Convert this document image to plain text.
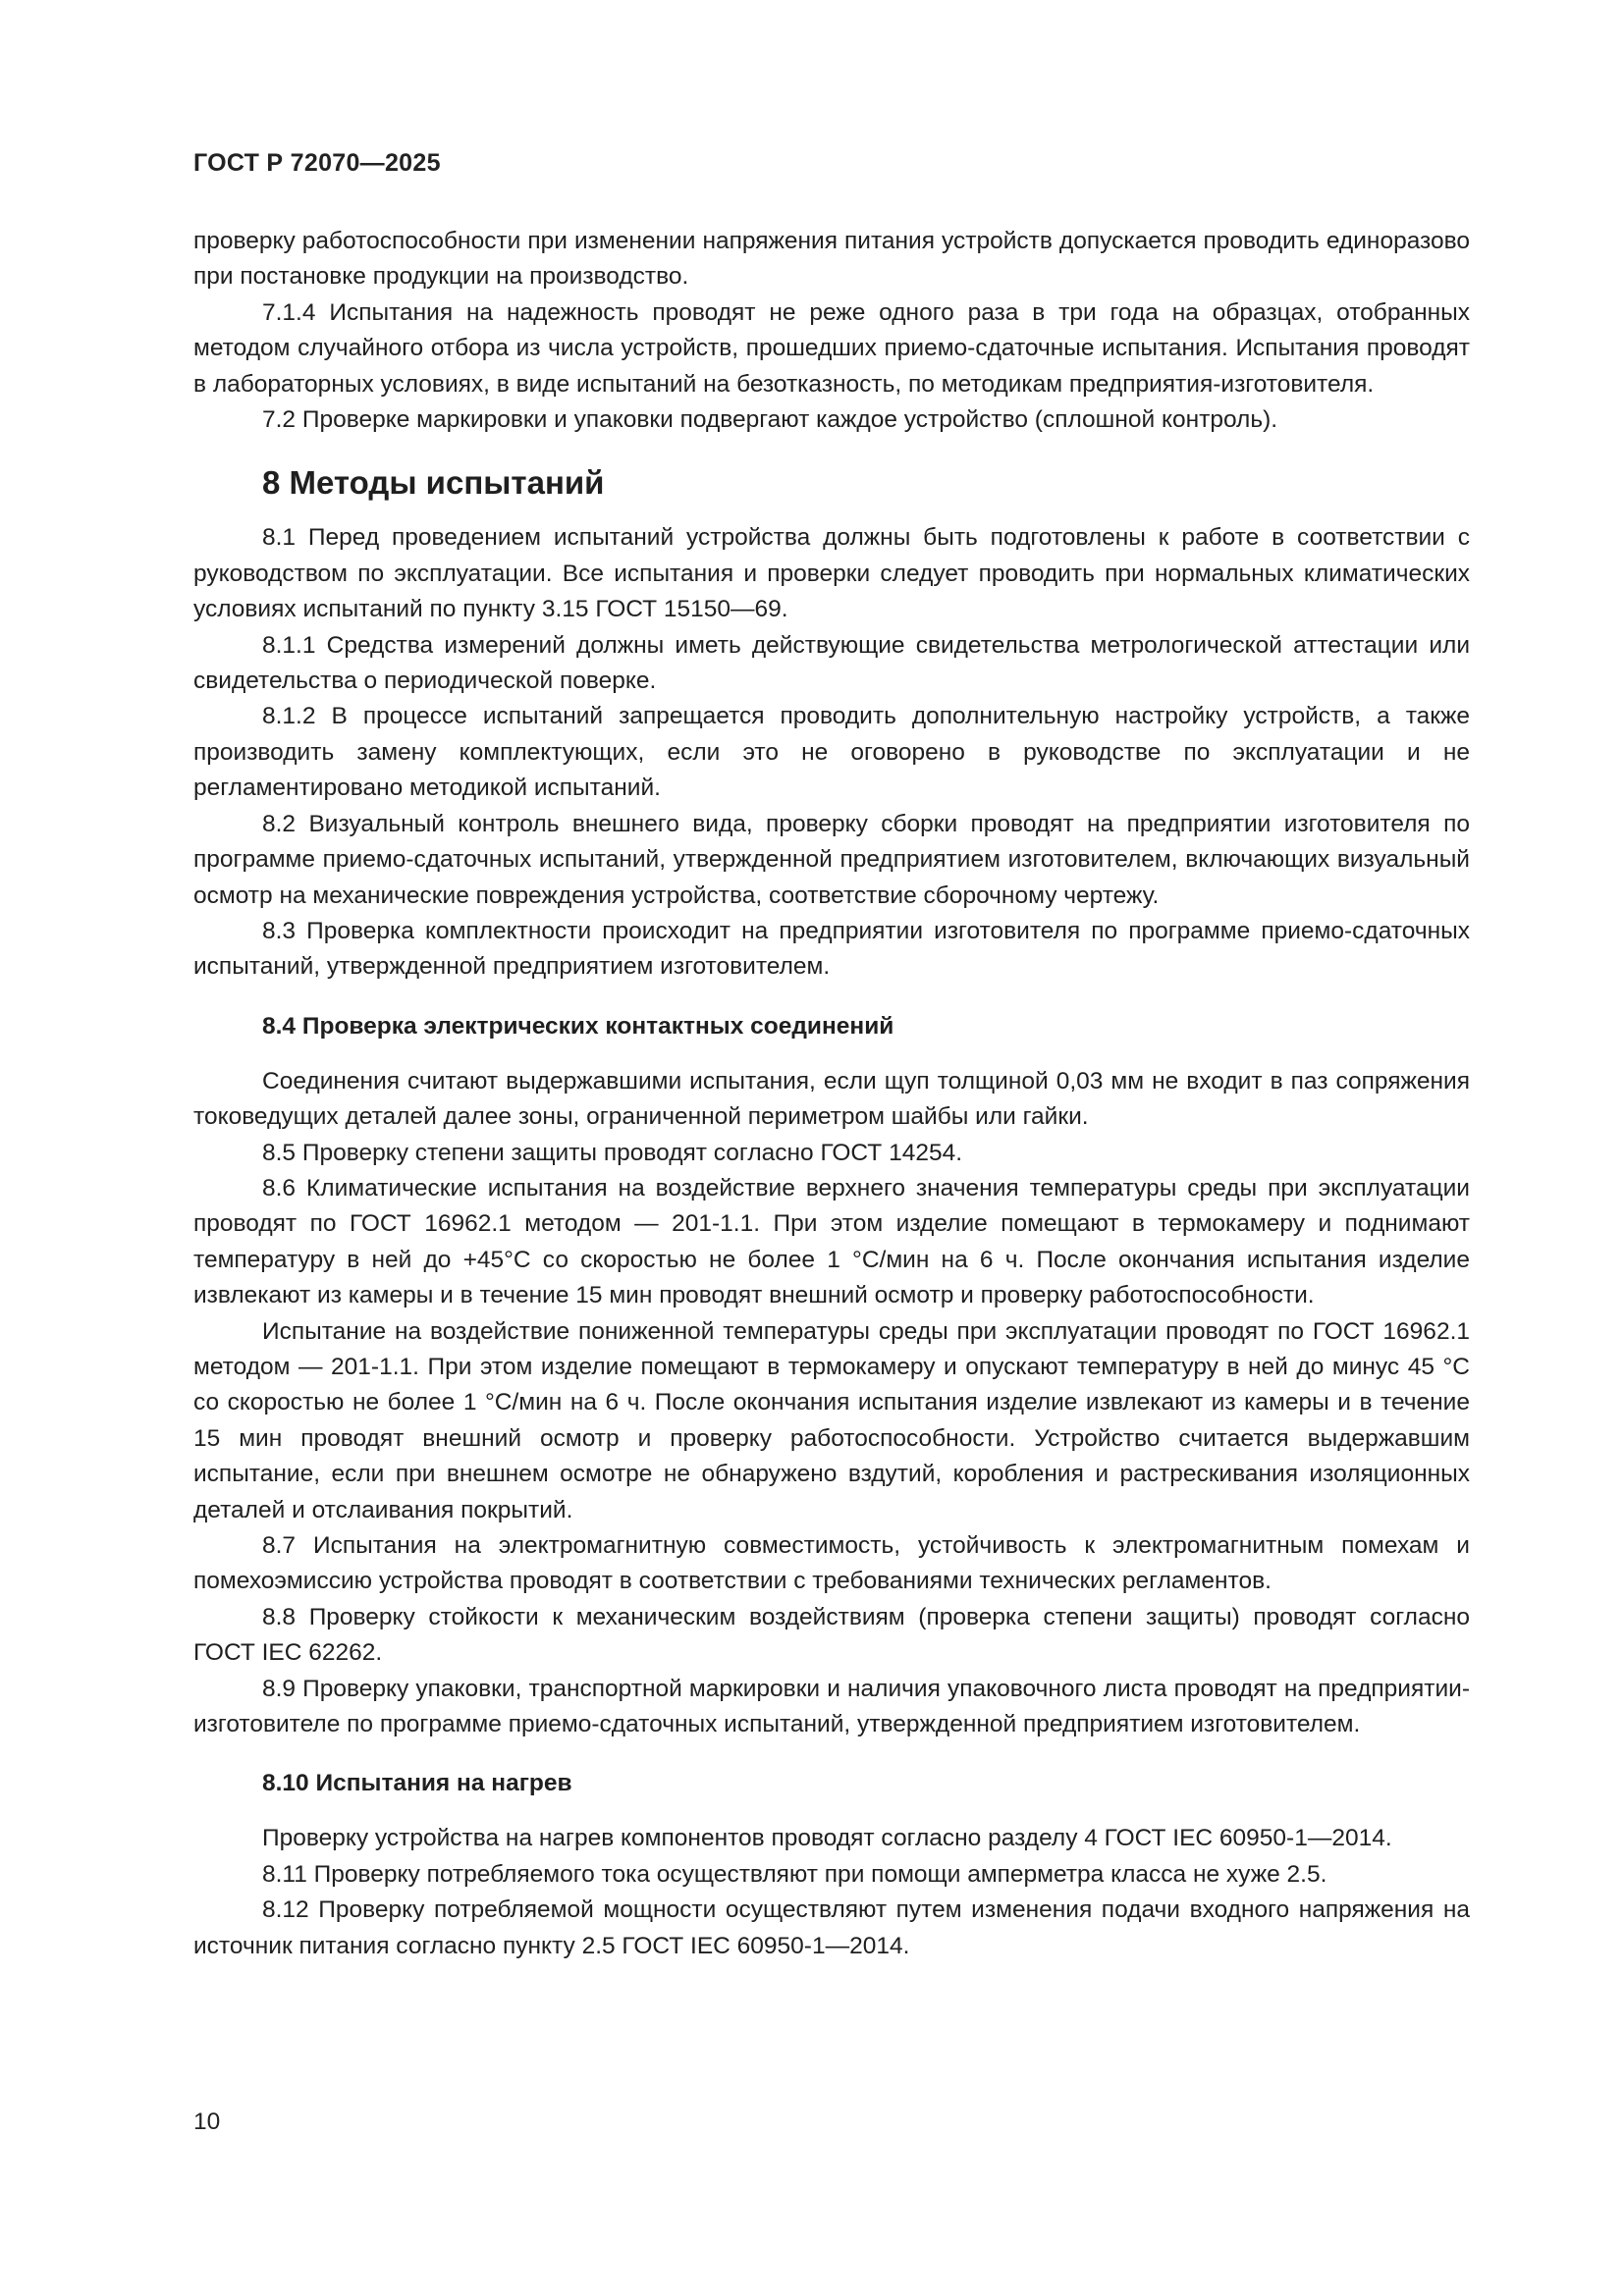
ГОСТ Р 72070—2025

проверку работоспособности при изменении напряжения питания устройств допускается проводить единоразово при постановке продукции на производство.

7.1.4 Испытания на надежность проводят не реже одного раза в три года на образцах, отобранных методом случайного отбора из числа устройств, прошедших приемо-сдаточные испытания. Испытания проводят в лабораторных условиях, в виде испытаний на безотказность, по методикам предприятия-изготовителя.

7.2 Проверке маркировки и упаковки подвергают каждое устройство (сплошной контроль).

8 Методы испытаний

8.1 Перед проведением испытаний устройства должны быть подготовлены к работе в соответствии с руководством по эксплуатации. Все испытания и проверки следует проводить при нормальных климатических условиях испытаний по пункту 3.15 ГОСТ 15150—69.

8.1.1 Средства измерений должны иметь действующие свидетельства метрологической аттестации или свидетельства о периодической поверке.

8.1.2 В процессе испытаний запрещается проводить дополнительную настройку устройств, а также производить замену комплектующих, если это не оговорено в руководстве по эксплуатации и не регламентировано методикой испытаний.

8.2 Визуальный контроль внешнего вида, проверку сборки проводят на предприятии изготовителя по программе приемо-сдаточных испытаний, утвержденной предприятием изготовителем, включающих визуальный осмотр на механические повреждения устройства, соответствие сборочному чертежу.

8.3 Проверка комплектности происходит на предприятии изготовителя по программе приемо-сдаточных испытаний, утвержденной предприятием изготовителем.

8.4 Проверка электрических контактных соединений

Соединения считают выдержавшими испытания, если щуп толщиной 0,03 мм не входит в паз сопряжения токоведущих деталей далее зоны, ограниченной периметром шайбы или гайки.

8.5 Проверку степени защиты проводят согласно ГОСТ 14254.

8.6 Климатические испытания на воздействие верхнего значения температуры среды при эксплуатации проводят по ГОСТ 16962.1 методом — 201-1.1. При этом изделие помещают в термокамеру и поднимают температуру в ней до +45°С со скоростью не более 1 °С/мин на 6 ч. После окончания испытания изделие извлекают из камеры и в течение 15 мин проводят внешний осмотр и проверку работоспособности.

Испытание на воздействие пониженной температуры среды при эксплуатации проводят по ГОСТ 16962.1 методом — 201-1.1. При этом изделие помещают в термокамеру и опускают температуру в ней до минус 45 °С со скоростью не более 1 °С/мин на 6 ч. После окончания испытания изделие извлекают из камеры и в течение 15 мин проводят внешний осмотр и проверку работоспособности. Устройство считается выдержавшим испытание, если при внешнем осмотре не обнаружено вздутий, коробления и растрескивания изоляционных деталей и отслаивания покрытий.

8.7 Испытания на электромагнитную совместимость, устойчивость к электромагнитным помехам и помехоэмиссию устройства проводят в соответствии с требованиями технических регламентов.

8.8 Проверку стойкости к механическим воздействиям (проверка степени защиты) проводят согласно ГОСТ IEC 62262.

8.9 Проверку упаковки, транспортной маркировки и наличия упаковочного листа проводят на предприятии-изготовителе по программе приемо-сдаточных испытаний, утвержденной предприятием изготовителем.

8.10 Испытания на нагрев

Проверку устройства на нагрев компонентов проводят согласно разделу 4 ГОСТ IEC 60950-1—2014.

8.11 Проверку потребляемого тока осуществляют при помощи амперметра класса не хуже 2.5.

8.12 Проверку потребляемой мощности осуществляют путем изменения подачи входного напряжения на источник питания согласно пункту 2.5 ГОСТ IEC 60950-1—2014.

10
